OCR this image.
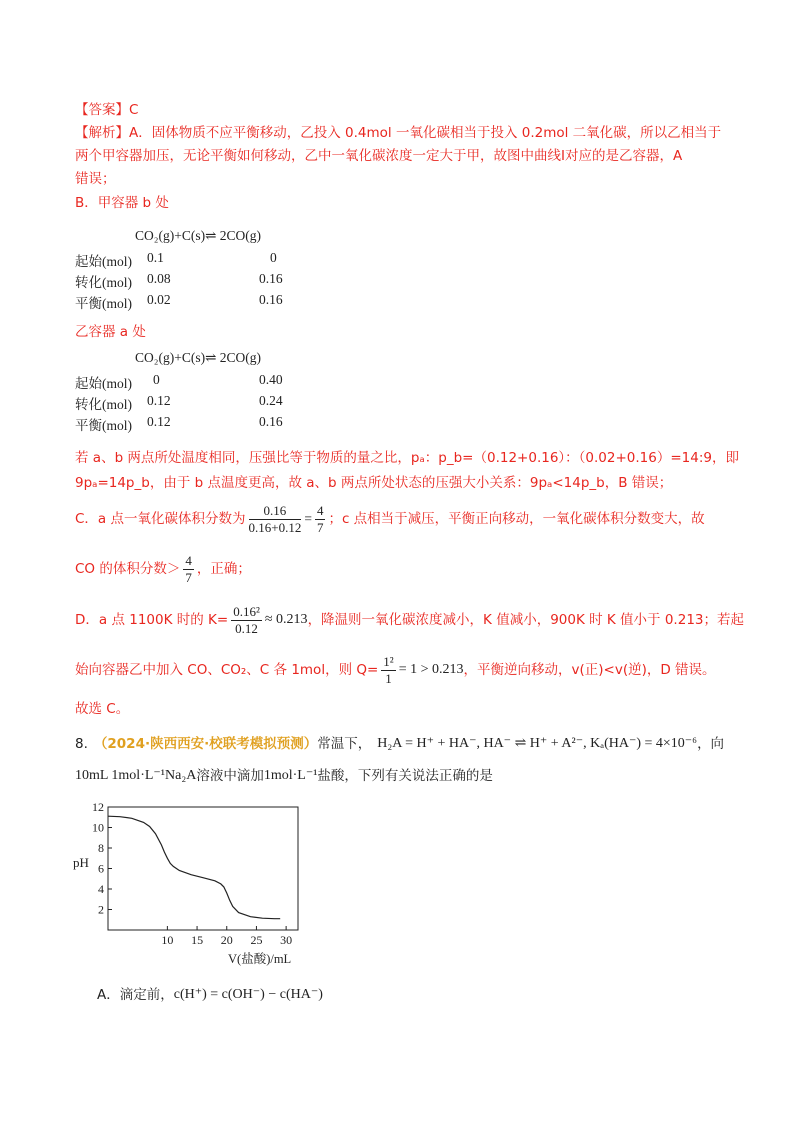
【答案】C
【解析】A．固体物质不应平衡移动，乙投入 0.4mol 一氧化碳相当于投入 0.2mol 二氧化碳，所以乙相当于
两个甲容器加压，无论平衡如何移动，乙中一氧化碳浓度一定大于甲，故图中曲线Ⅰ对应的是乙容器，A
错误；
B．甲容器 b 处
CO₂(g)+C(s)⇌ 2CO(g)
起始(mol) 0.1	0
转化(mol) 0.08	0.16
平衡(mol) 0.02	0.16
乙容器 a 处
CO₂(g)+C(s)⇌ 2CO(g)
起始(mol) 0	0.40
转化(mol) 0.12	0.24
平衡(mol) 0.12	0.16
若 a、b 两点所处温度相同，压强比等于物质的量之比，pₐ：p_b=（0.12+0.16）：（0.02+0.16）=14:9，即
9pₐ=14p_b，由于 b 点温度更高，故 a、b 两点所处状态的压强大小关系：9pₐ<14p_b，B 错误；
C．a 点一氧化碳体积分数为 $\frac{0.16}{0.16+0.12} = \frac{4}{7}$ ；c 点相当于减压，平衡正向移动，一氧化碳体积分数变大，故
CO 的体积分数＞ $\frac{4}{7}$ ，正确；
D．a 点 1100K 时的 $K= \frac{\text{0.16²}}{0.12} \approx 0.213$ ，降温则一氧化碳浓度减小，K 值减小，900K 时 K 值小于 0.213；若起
始向容器乙中加入 CO、CO₂、C 各 1mol，则 $Q= \frac{\text{1²}}{1} = 1 > 0.213$ ，平衡逆向移动，v(正)<v(逆)，D 错误。
故选 C。
8. （2024·陕西西安·校联考模拟预测） 常温下， H₂A = H⁺ + HA⁻, HA⁻ ⇌ H⁺ + A²⁻, Kₐ(HA⁻) = 4×10⁻⁶ ，向
10mL 1mol·L⁻¹Na₂A 溶液中滴加 1mol·L⁻¹ 盐酸，下列有关说法正确的是
pH
V(盐酸)/mL
2
4
6
8
10
12
10 15 20 25 30
A．滴定前， c(H⁺) = c(OH⁻) − c(HA⁻)
